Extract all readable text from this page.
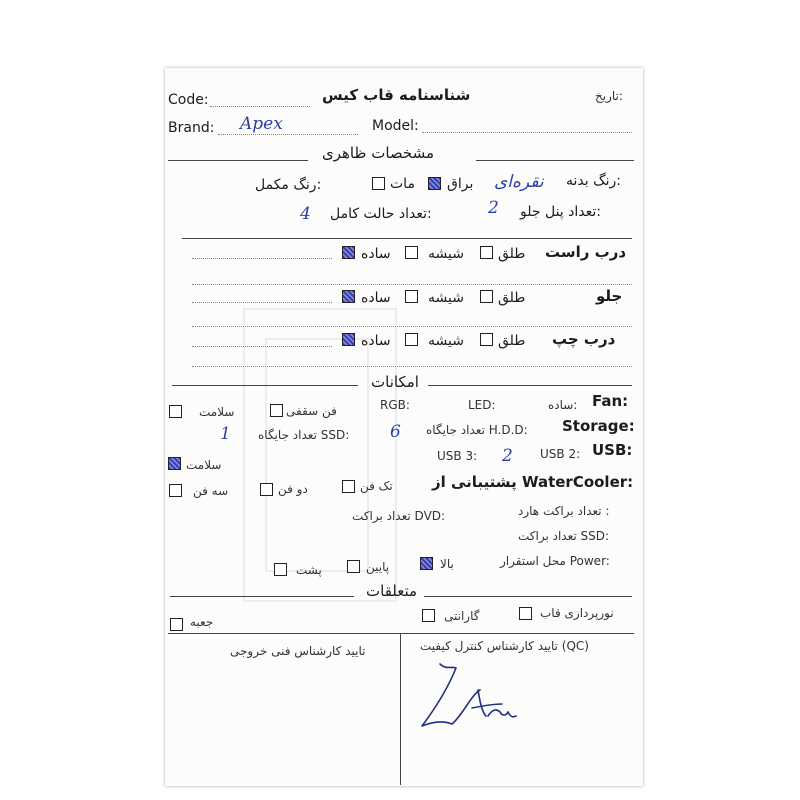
تاریخ:
شناسنامه قاب کیس
Code:
Brand: Apex	Model:
مشخصات ظاهری
رنگ بدنه:
نقره‌ای
براق
مات
رنگ مکمل:
تعداد پنل جلو:
2
تعداد حالت کامل:
4
درب راست
طلق
شیشه
ساده
جلو
طلق
شیشه
ساده
درب چپ
طلق
شیشه
ساده
امکانات
Fan:
ساده:
LED:
RGB:
فن سقفی
سلامت
Storage:
تعداد جایگاه H.D.D:
6
تعداد جایگاه SSD:
1
USB:
USB 2:
2
USB 3:
سلامت
پشتیبانی از WaterCooler:
تک فن
دو فن
سه فن
تعداد براکت هارد :
تعداد براکت DVD:
تعداد براکت SSD:
محل استقرار Power:
بالا
پایین
پشت
متعلقات
نورپردازی قاب
گارانتی
جعبه
تایید کارشناس کنترل کیفیت (QC)
تایید کارشناس فنی خروجی
